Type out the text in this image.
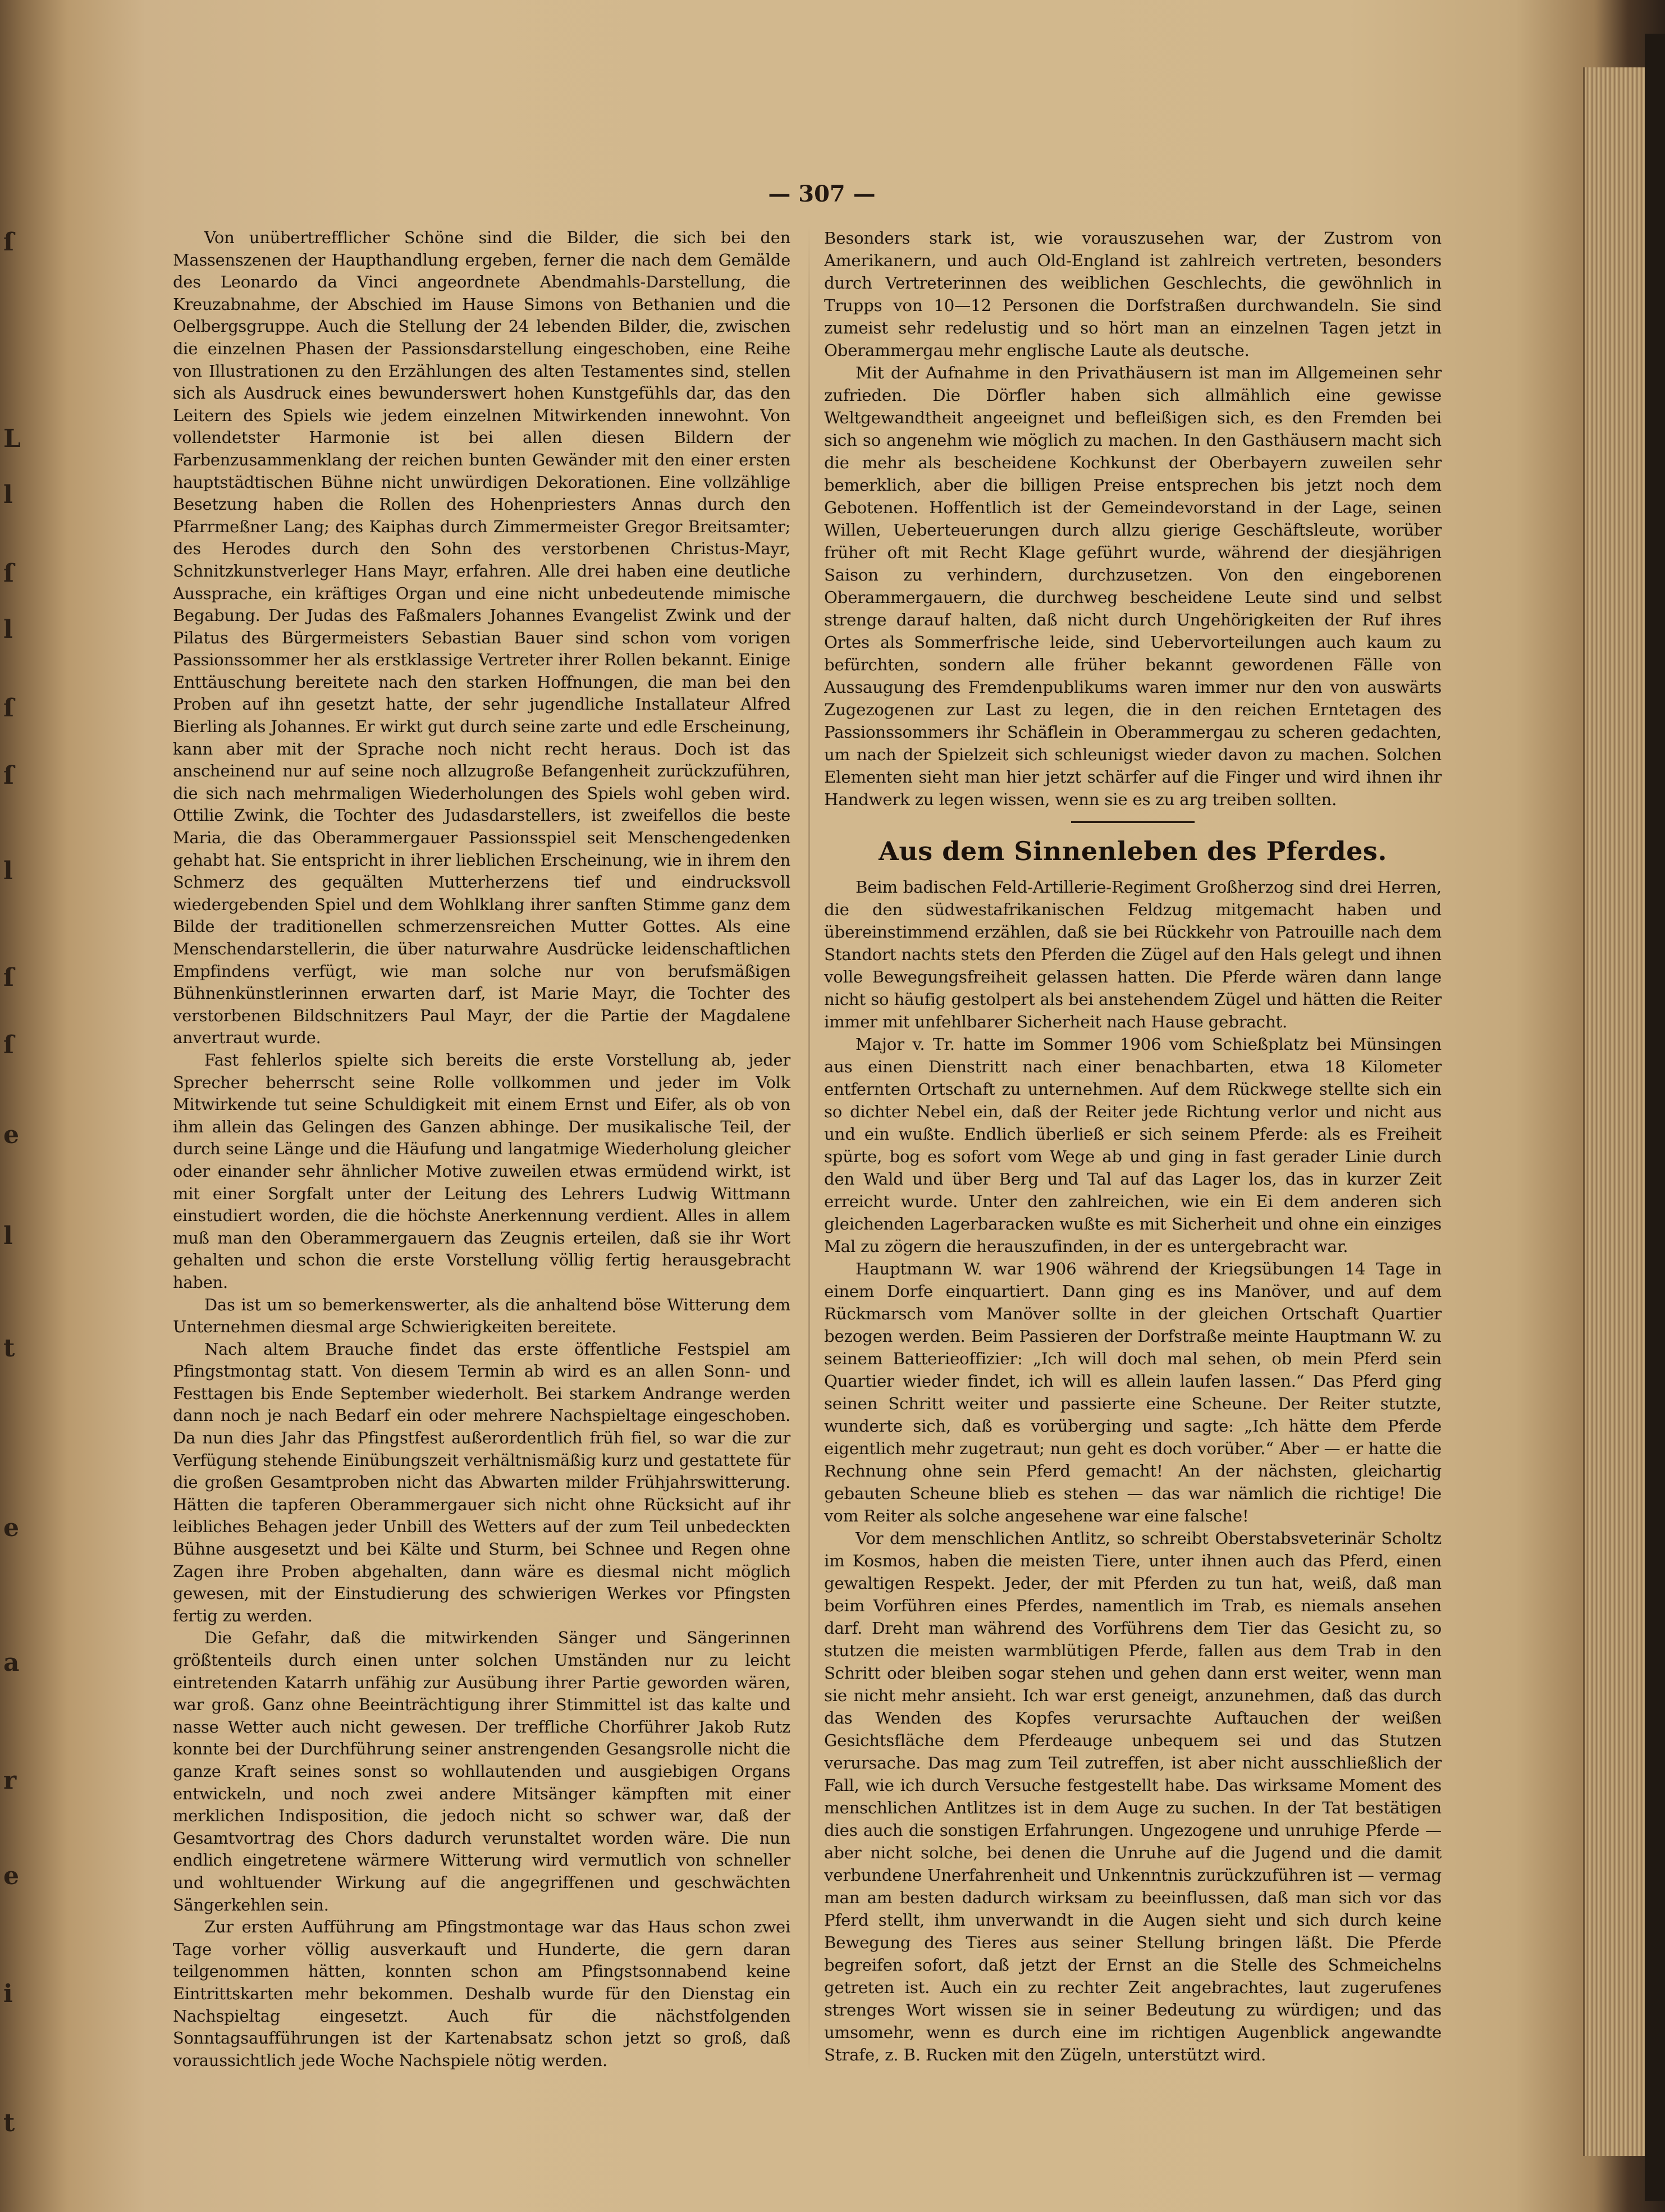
ſ
L
l
ſ
l
ſ
ſ
l
ſ
ſ
e
l
t
e
a
r
e
i
t
— 307 —

Von unübertrefflicher Schöne sind die Bilder, die sich bei den Massenszenen der Haupthandlung ergeben, ferner die nach dem Gemälde des Leonardo da Vinci angeordnete Abendmahls-Darstellung, die Kreuzabnahme, der Abschied im Hause Simons von Bethanien und die Oelbergsgruppe. Auch die Stellung der 24 lebenden Bilder, die, zwischen die einzelnen Phasen der Passionsdarstellung eingeschoben, eine Reihe von Illustrationen zu den Erzählungen des alten Testamentes sind, stellen sich als Ausdruck eines bewunderswert hohen Kunstgefühls dar, das den Leitern des Spiels wie jedem einzelnen Mitwirkenden innewohnt. Von vollendetster Harmonie ist bei allen diesen Bildern der Farbenzusammenklang der reichen bunten Gewänder mit den einer ersten hauptstädtischen Bühne nicht unwürdigen Dekorationen. Eine vollzählige Besetzung haben die Rollen des Hohenpriesters Annas durch den Pfarrmeßner Lang; des Kaiphas durch Zimmermeister Gregor Breitsamter; des Herodes durch den Sohn des verstorbenen Christus-Mayr, Schnitzkunstverleger Hans Mayr, erfahren. Alle drei haben eine deutliche Aussprache, ein kräftiges Organ und eine nicht unbedeutende mimische Begabung. Der Judas des Faßmalers Johannes Evangelist Zwink und der Pilatus des Bürgermeisters Sebastian Bauer sind schon vom vorigen Passionssommer her als erstklassige Vertreter ihrer Rollen bekannt. Einige Enttäuschung bereitete nach den starken Hoffnungen, die man bei den Proben auf ihn gesetzt hatte, der sehr jugendliche Installateur Alfred Bierling als Johannes. Er wirkt gut durch seine zarte und edle Erscheinung, kann aber mit der Sprache noch nicht recht heraus. Doch ist das anscheinend nur auf seine noch allzugroße Befangenheit zurückzuführen, die sich nach mehrmaligen Wiederholungen des Spiels wohl geben wird. Ottilie Zwink, die Tochter des Judasdarstellers, ist zweifellos die beste Maria, die das Oberammergauer Passionsspiel seit Menschengedenken gehabt hat. Sie entspricht in ihrer lieblichen Erscheinung, wie in ihrem den Schmerz des gequälten Mutterherzens tief und eindrucksvoll wiedergebenden Spiel und dem Wohlklang ihrer sanften Stimme ganz dem Bilde der traditionellen schmerzensreichen Mutter Gottes. Als eine Menschendarstellerin, die über naturwahre Ausdrücke leidenschaftlichen Empfindens verfügt, wie man solche nur von berufsmäßigen Bühnenkünstlerinnen erwarten darf, ist Marie Mayr, die Tochter des verstorbenen Bildschnitzers Paul Mayr, der die Partie der Magdalene anvertraut wurde.

Fast fehlerlos spielte sich bereits die erste Vorstellung ab, jeder Sprecher beherrscht seine Rolle vollkommen und jeder im Volk Mitwirkende tut seine Schuldigkeit mit einem Ernst und Eifer, als ob von ihm allein das Gelingen des Ganzen abhinge. Der musikalische Teil, der durch seine Länge und die Häufung und langatmige Wiederholung gleicher oder einander sehr ähnlicher Motive zuweilen etwas ermüdend wirkt, ist mit einer Sorgfalt unter der Leitung des Lehrers Ludwig Wittmann einstudiert worden, die die höchste Anerkennung verdient. Alles in allem muß man den Oberammergauern das Zeugnis erteilen, daß sie ihr Wort gehalten und schon die erste Vorstellung völlig fertig herausgebracht haben.

Das ist um so bemerkenswerter, als die anhaltend böse Witterung dem Unternehmen diesmal arge Schwierigkeiten bereitete.

Nach altem Brauche findet das erste öffentliche Festspiel am Pfingstmontag statt. Von diesem Termin ab wird es an allen Sonn- und Festtagen bis Ende September wiederholt. Bei starkem Andrange werden dann noch je nach Bedarf ein oder mehrere Nachspieltage eingeschoben. Da nun dies Jahr das Pfingstfest außerordentlich früh fiel, so war die zur Verfügung stehende Einübungszeit verhältnismäßig kurz und gestattete für die großen Gesamtproben nicht das Abwarten milder Frühjahrswitterung. Hätten die tapferen Oberammergauer sich nicht ohne Rücksicht auf ihr leibliches Behagen jeder Unbill des Wetters auf der zum Teil unbedeckten Bühne ausgesetzt und bei Kälte und Sturm, bei Schnee und Regen ohne Zagen ihre Proben abgehalten, dann wäre es diesmal nicht möglich gewesen, mit der Einstudierung des schwierigen Werkes vor Pfingsten fertig zu werden.

Die Gefahr, daß die mitwirkenden Sänger und Sängerinnen größtenteils durch einen unter solchen Umständen nur zu leicht eintretenden Katarrh unfähig zur Ausübung ihrer Partie geworden wären, war groß. Ganz ohne Beeinträchtigung ihrer Stimmittel ist das kalte und nasse Wetter auch nicht gewesen. Der treffliche Chorführer Jakob Rutz konnte bei der Durchführung seiner anstrengenden Gesangsrolle nicht die ganze Kraft seines sonst so wohllautenden und ausgiebigen Organs entwickeln, und noch zwei andere Mitsänger kämpften mit einer merklichen Indisposition, die jedoch nicht so schwer war, daß der Gesamtvortrag des Chors dadurch verunstaltet worden wäre. Die nun endlich eingetretene wärmere Witterung wird vermutlich von schneller und wohltuender Wirkung auf die angegriffenen und geschwächten Sängerkehlen sein.

Zur ersten Aufführung am Pfingstmontage war das Haus schon zwei Tage vorher völlig ausverkauft und Hunderte, die gern daran teilgenommen hätten, konnten schon am Pfingstsonnabend keine Eintrittskarten mehr bekommen. Deshalb wurde für den Dienstag ein Nachspieltag eingesetzt. Auch für die nächstfolgenden Sonntagsaufführungen ist der Kartenabsatz schon jetzt so groß, daß voraussichtlich jede Woche Nachspiele nötig werden.

Besonders stark ist, wie vorauszusehen war, der Zustrom von Amerikanern, und auch Old-England ist zahlreich vertreten, besonders durch Vertreterinnen des weiblichen Geschlechts, die gewöhnlich in Trupps von 10—12 Personen die Dorfstraßen durchwandeln. Sie sind zumeist sehr redelustig und so hört man an einzelnen Tagen jetzt in Oberammergau mehr englische Laute als deutsche.

Mit der Aufnahme in den Privathäusern ist man im Allgemeinen sehr zufrieden. Die Dörfler haben sich allmählich eine gewisse Weltgewandtheit angeeignet und befleißigen sich, es den Fremden bei sich so angenehm wie möglich zu machen. In den Gasthäusern macht sich die mehr als bescheidene Kochkunst der Oberbayern zuweilen sehr bemerklich, aber die billigen Preise entsprechen bis jetzt noch dem Gebotenen. Hoffentlich ist der Gemeindevorstand in der Lage, seinen Willen, Ueberteuerungen durch allzu gierige Geschäftsleute, worüber früher oft mit Recht Klage geführt wurde, während der diesjährigen Saison zu verhindern, durchzusetzen. Von den eingeborenen Oberammergauern, die durchweg bescheidene Leute sind und selbst strenge darauf halten, daß nicht durch Ungehörigkeiten der Ruf ihres Ortes als Sommerfrische leide, sind Uebervorteilungen auch kaum zu befürchten, sondern alle früher bekannt gewordenen Fälle von Aussaugung des Fremdenpublikums waren immer nur den von auswärts Zugezogenen zur Last zu legen, die in den reichen Erntetagen des Passionssommers ihr Schäflein in Oberammergau zu scheren gedachten, um nach der Spielzeit sich schleunigst wieder davon zu machen. Solchen Elementen sieht man hier jetzt schärfer auf die Finger und wird ihnen ihr Handwerk zu legen wissen, wenn sie es zu arg treiben sollten.

Aus dem Sinnenleben des Pferdes.

Beim badischen Feld-Artillerie-Regiment Großherzog sind drei Herren, die den südwestafrikanischen Feldzug mitgemacht haben und übereinstimmend erzählen, daß sie bei Rückkehr von Patrouille nach dem Standort nachts stets den Pferden die Zügel auf den Hals gelegt und ihnen volle Bewegungsfreiheit gelassen hatten. Die Pferde wären dann lange nicht so häufig gestolpert als bei anstehendem Zügel und hätten die Reiter immer mit unfehlbarer Sicherheit nach Hause gebracht.

Major v. Tr. hatte im Sommer 1906 vom Schießplatz bei Münsingen aus einen Dienstritt nach einer benachbarten, etwa 18 Kilometer entfernten Ortschaft zu unternehmen. Auf dem Rückwege stellte sich ein so dichter Nebel ein, daß der Reiter jede Richtung verlor und nicht aus und ein wußte. Endlich überließ er sich seinem Pferde: als es Freiheit spürte, bog es sofort vom Wege ab und ging in fast gerader Linie durch den Wald und über Berg und Tal auf das Lager los, das in kurzer Zeit erreicht wurde. Unter den zahlreichen, wie ein Ei dem anderen sich gleichenden Lagerbaracken wußte es mit Sicherheit und ohne ein einziges Mal zu zögern die herauszufinden, in der es untergebracht war.

Hauptmann W. war 1906 während der Kriegsübungen 14 Tage in einem Dorfe einquartiert. Dann ging es ins Manöver, und auf dem Rückmarsch vom Manöver sollte in der gleichen Ortschaft Quartier bezogen werden. Beim Passieren der Dorfstraße meinte Hauptmann W. zu seinem Batterieoffizier: „Ich will doch mal sehen, ob mein Pferd sein Quartier wieder findet, ich will es allein laufen lassen.“ Das Pferd ging seinen Schritt weiter und passierte eine Scheune. Der Reiter stutzte, wunderte sich, daß es vorüberging und sagte: „Ich hätte dem Pferde eigentlich mehr zugetraut; nun geht es doch vorüber.“ Aber — er hatte die Rechnung ohne sein Pferd gemacht! An der nächsten, gleichartig gebauten Scheune blieb es stehen — das war nämlich die richtige! Die vom Reiter als solche angesehene war eine falsche!

Vor dem menschlichen Antlitz, so schreibt Oberstabsveterinär Scholtz im Kosmos, haben die meisten Tiere, unter ihnen auch das Pferd, einen gewaltigen Respekt. Jeder, der mit Pferden zu tun hat, weiß, daß man beim Vorführen eines Pferdes, namentlich im Trab, es niemals ansehen darf. Dreht man während des Vorführens dem Tier das Gesicht zu, so stutzen die meisten warmblütigen Pferde, fallen aus dem Trab in den Schritt oder bleiben sogar stehen und gehen dann erst weiter, wenn man sie nicht mehr ansieht. Ich war erst geneigt, anzunehmen, daß das durch das Wenden des Kopfes verursachte Auftauchen der weißen Gesichtsfläche dem Pferdeauge unbequem sei und das Stutzen verursache. Das mag zum Teil zutreffen, ist aber nicht ausschließlich der Fall, wie ich durch Versuche festgestellt habe. Das wirksame Moment des menschlichen Antlitzes ist in dem Auge zu suchen. In der Tat bestätigen dies auch die sonstigen Erfahrungen. Ungezogene und unruhige Pferde — aber nicht solche, bei denen die Unruhe auf die Jugend und die damit verbundene Unerfahrenheit und Unkenntnis zurückzuführen ist — vermag man am besten dadurch wirksam zu beeinflussen, daß man sich vor das Pferd stellt, ihm unverwandt in die Augen sieht und sich durch keine Bewegung des Tieres aus seiner Stellung bringen läßt. Die Pferde begreifen sofort, daß jetzt der Ernst an die Stelle des Schmeichelns getreten ist. Auch ein zu rechter Zeit angebrachtes, laut zugerufenes strenges Wort wissen sie in seiner Bedeutung zu würdigen; und das umsomehr, wenn es durch eine im richtigen Augenblick angewandte Strafe, z. B. Rucken mit den Zügeln, unterstützt wird.
